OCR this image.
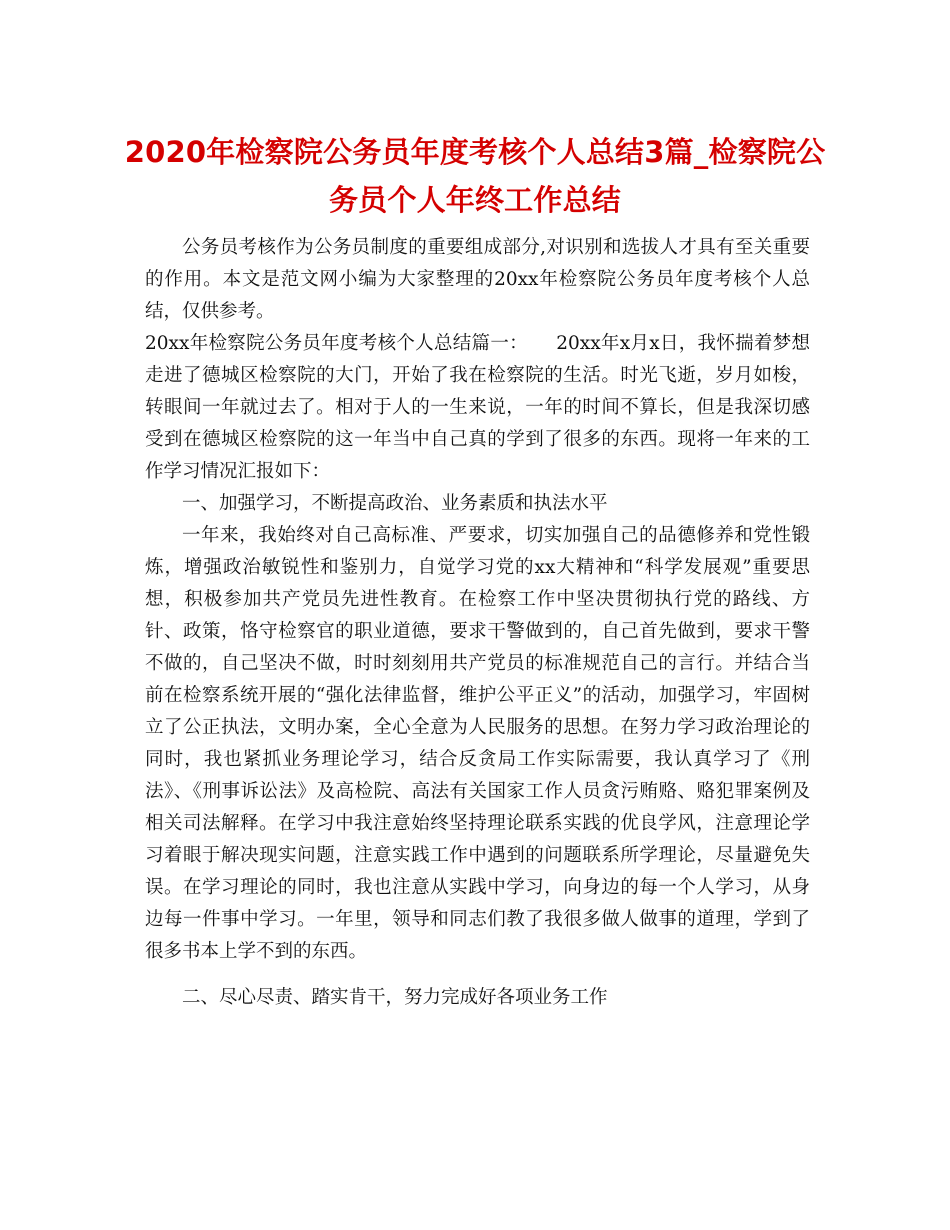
2020年检察院公务员年度考核个人总结3篇_检察院公
务员个人年终工作总结

公务员考核作为公务员制度的重要组成部分,对识别和选拔人才具有至关重要的作用。本文是范文网小编为大家整理的20xx年检察院公务员年度考核个人总结，仅供参考。

20xx年检察院公务员年度考核个人总结篇一：　　20xx年x月x日，我怀揣着梦想走进了德城区检察院的大门，开始了我在检察院的生活。时光飞逝，岁月如梭，转眼间一年就过去了。相对于人的一生来说，一年的时间不算长，但是我深切感受到在德城区检察院的这一年当中自己真的学到了很多的东西。现将一年来的工作学习情况汇报如下：

一、加强学习，不断提高政治、业务素质和执法水平

一年来，我始终对自己高标准、严要求，切实加强自己的品德修养和党性锻炼，增强政治敏锐性和鉴别力，自觉学习党的xx大精神和“科学发展观”重要思想，积极参加共产党员先进性教育。在检察工作中坚决贯彻执行党的路线、方针、政策，恪守检察官的职业道德，要求干警做到的，自己首先做到，要求干警不做的，自己坚决不做，时时刻刻用共产党员的标准规范自己的言行。并结合当前在检察系统开展的“强化法律监督，维护公平正义”的活动，加强学习，牢固树立了公正执法，文明办案，全心全意为人民服务的思想。在努力学习政治理论的同时，我也紧抓业务理论学习，结合反贪局工作实际需要，我认真学习了《刑法》、《刑事诉讼法》及高检院、高法有关国家工作人员贪污贿赂、赂犯罪案例及相关司法解释。在学习中我注意始终坚持理论联系实践的优良学风，注意理论学习着眼于解决现实问题，注意实践工作中遇到的问题联系所学理论，尽量避免失误。在学习理论的同时，我也注意从实践中学习，向身边的每一个人学习，从身边每一件事中学习。一年里，领导和同志们教了我很多做人做事的道理，学到了很多书本上学不到的东西。

二、尽心尽责、踏实肯干，努力完成好各项业务工作
